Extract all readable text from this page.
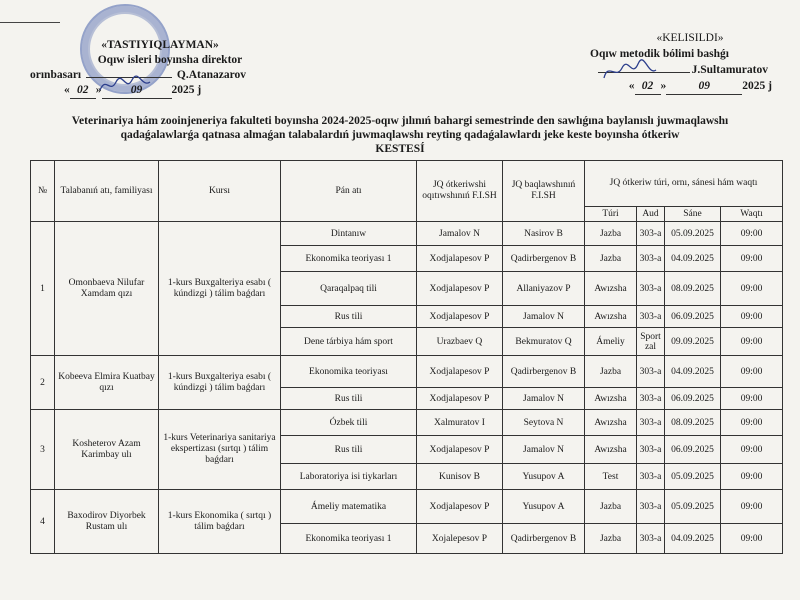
«TASTIYIQLAYMAN»
Oqıw isleri boyınsha direktor
orınbasarı	Q.Atanazarov
« 02 »	09	2025 j
«KELISILDI»
Oqıw metodik bólimi bashǵı
J.Sultamuratov
« 02 »	09	2025 j
Veterinariya hám zooinjeneriya fakulteti boyınsha 2024-2025-oqıw jılınıń bahargi semestrinde den sawlıǵına baylanıslı juwmaqlawshı
qadaǵalawlarǵa qatnasa almaǵan talabalardıń juwmaqlawshı reyting qadaǵalawlardı jeke keste boyınsha ótkeriw
KESTESÍ
№	Talabanıń atı, familiyası	Kursı	Pán atı	JQ ótkeriwshi oqıtıwshınıń F.I.SH	JQ baqlawshınıń F.I.SH	JQ ótkeriw túri, ornı, sánesi hám waqtı			
						Túri	Aud	Sáne	Waqtı
1	Omonbaeva Nilufar Xamdam qızı	1-kurs Buxgalteriya esabı ( kúndizgi ) tálim baǵdarı	Dintanıw	Jamalov N	Nasirov B	Jazba	303-a	05.09.2025	09:00
			Ekonomika teoriyası 1	Xodjalapesov P	Qadirbergenov B	Jazba	303-a	04.09.2025	09:00
			Qaraqalpaq tili	Xodjalapesov P	Allaniyazov P	Awızsha	303-a	08.09.2025	09:00
			Rus tili	Xodjalapesov P	Jamalov N	Awızsha	303-a	06.09.2025	09:00
			Dene tárbiya hám sport	Urazbaev Q	Bekmuratov Q	Ámeliy	Sport zal	09.09.2025	09:00
2	Kobeeva Elmira Kuatbay qızı	1-kurs Buxgalteriya esabı ( kúndizgi ) tálim baǵdarı	Ekonomika teoriyası	Xodjalapesov P	Qadirbergenov B	Jazba	303-a	04.09.2025	09:00
			Rus tili	Xodjalapesov P	Jamalov N	Awızsha	303-a	06.09.2025	09:00
3	Kosheterov Azam Karimbay ulı	1-kurs Veterinariya sanitariya ekspertizası (sırtqı ) tálim baǵdarı	Ózbek tili	Xalmuratov I	Seytova N	Awızsha	303-a	08.09.2025	09:00
			Rus tili	Xodjalapesov P	Jamalov N	Awızsha	303-a	06.09.2025	09:00
			Laboratoriya isi tiykarları	Kunisov B	Yusupov A	Test	303-a	05.09.2025	09:00
4	Baxodirov Diyorbek Rustam ulı	1-kurs Ekonomika ( sırtqı ) tálim baǵdarı	Ámeliy matematika	Xodjalapesov P	Yusupov A	Jazba	303-a	05.09.2025	09:00
			Ekonomika teoriyası 1	Xojalepesov P	Qadirbergenov B	Jazba	303-a	04.09.2025	09:00
